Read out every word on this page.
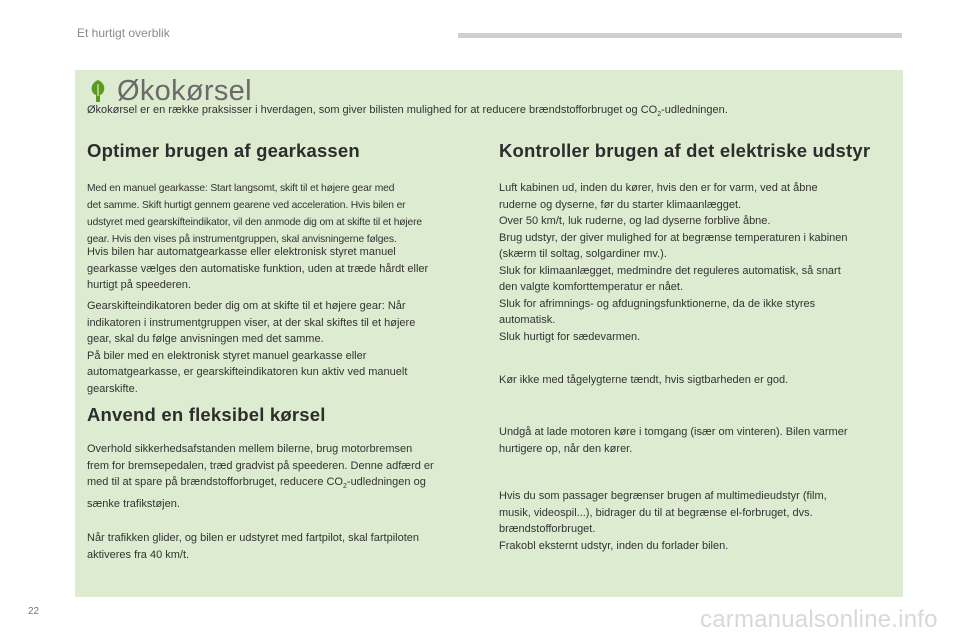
Et hurtigt overblik
Økokørsel
Økokørsel er en række praksisser i hverdagen, som giver bilisten mulighed for at reducere brændstofforbruget og $CO_2$-udledningen.
Optimer brugen af gearkassen
Med en manuel gearkasse: Start langsomt, skift til et højere gear med
det samme. Skift hurtigt gennem gearene ved acceleration. Hvis bilen er
udstyret med gearskifteindikator, vil den anmode dig om at skifte til et højere
gear. Hvis den vises på instrumentgruppen, skal anvisningerne følges.
Hvis bilen har automatgearkasse eller elektronisk styret manuel
gearkasse vælges den automatiske funktion, uden at træde hårdt eller
hurtigt på speederen.
Gearskifteindikatoren beder dig om at skifte til et højere gear: Når
indikatoren i instrumentgruppen viser, at der skal skiftes til et højere
gear, skal du følge anvisningen med det samme.
På biler med en elektronisk styret manuel gearkasse eller
automatgearkasse, er gearskifteindikatoren kun aktiv ved manuelt
gearskifte.
Anvend en fleksibel kørsel
Overhold sikkerhedsafstanden mellem bilerne, brug motorbremsen
frem for bremsepedalen, træd gradvist på speederen. Denne adfærd er
med til at spare på brændstofforbruget, reducere $CO_2$-udledningen og
sænke trafikstøjen.
Når trafikken glider, og bilen er udstyret med fartpilot, skal fartpiloten
aktiveres fra 40 km/t.
Kontroller brugen af det elektriske udstyr
Luft kabinen ud, inden du kører, hvis den er for varm, ved at åbne
ruderne og dyserne, før du starter klimaanlægget.
Over 50 km/t, luk ruderne, og lad dyserne forblive åbne.
Brug udstyr, der giver mulighed for at begrænse temperaturen i kabinen
(skærm til soltag, solgardiner mv.).
Sluk for klimaanlægget, medmindre det reguleres automatisk, så snart
den valgte komforttemperatur er nået.
Sluk for afrimnings- og afdugningsfunktionerne, da de ikke styres
automatisk.
Sluk hurtigt for sædevarmen.
Kør ikke med tågelygterne tændt, hvis sigtbarheden er god.
Undgå at lade motoren køre i tomgang (især om vinteren). Bilen varmer
hurtigere op, når den kører.
Hvis du som passager begrænser brugen af multimedieudstyr (film,
musik, videospil...), bidrager du til at begrænse el-forbruget, dvs.
brændstofforbruget.
Frakobl eksternt udstyr, inden du forlader bilen.
22	carmanualsonline.info
